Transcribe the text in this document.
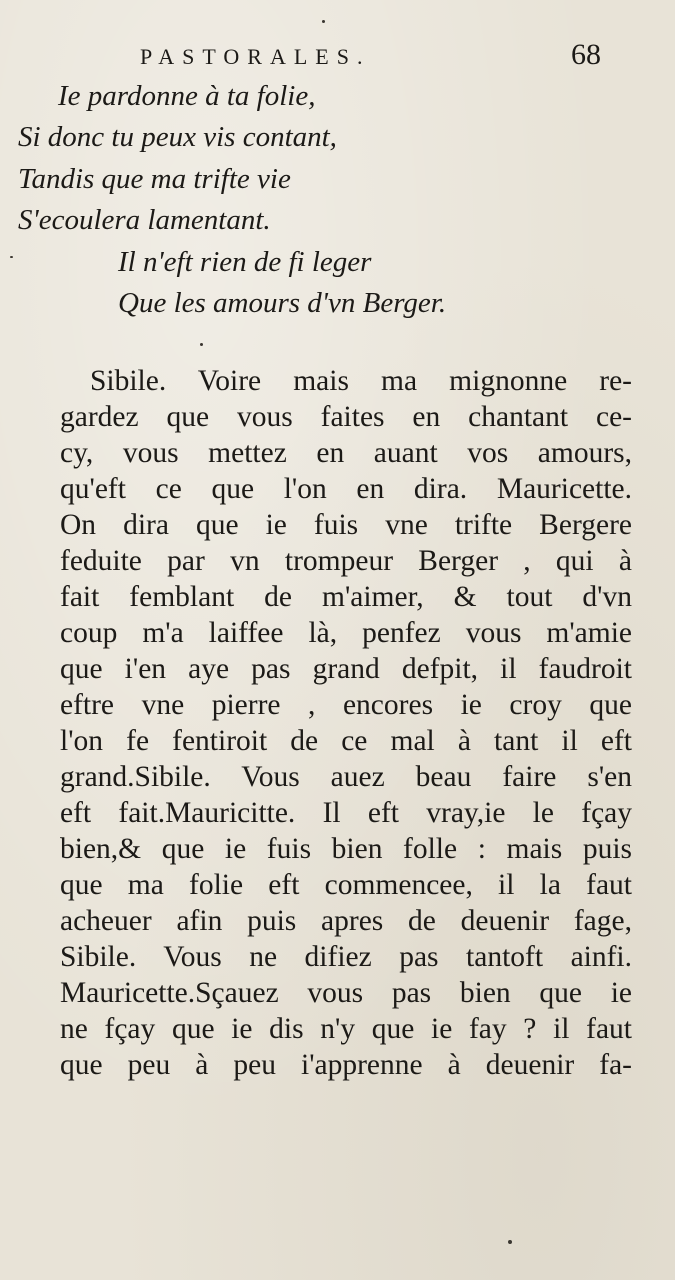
PASTORALES.	68
Ie pardonne à ta folie,
Si donc tu peux vis contant,
Tandis que ma trifte vie
S'ecoulera lamentant.
Il n'eft rien de fi leger
Que les amours d'vn Berger.
Sibile. Voire mais ma mignonne re-
gardez que vous faites en chantant ce-
cy, vous mettez en auant vos amours,
qu'eft ce que l'on en dira. Mauricette.
On dira que ie fuis vne trifte Bergere
feduite par vn trompeur Berger , qui à
fait femblant de m'aimer, & tout d'vn
coup m'a laiffee là, penfez vous m'amie
que i'en aye pas grand defpit, il faudroit
eftre vne pierre , encores ie croy que
l'on fe fentiroit de ce mal à tant il eft
grand.Sibile. Vous auez beau faire s'en
eft fait.Mauricitte. Il eft vray,ie le fçay
bien,& que ie fuis bien folle : mais puis
que ma folie eft commencee, il la faut
acheuer afin puis apres de deuenir fage,
Sibile. Vous ne difiez pas tantoft ainfi.
Mauricette.Sçauez vous pas bien que ie
ne fçay que ie dis n'y que ie fay ? il faut
que peu à peu i'apprenne à deuenir fa-
